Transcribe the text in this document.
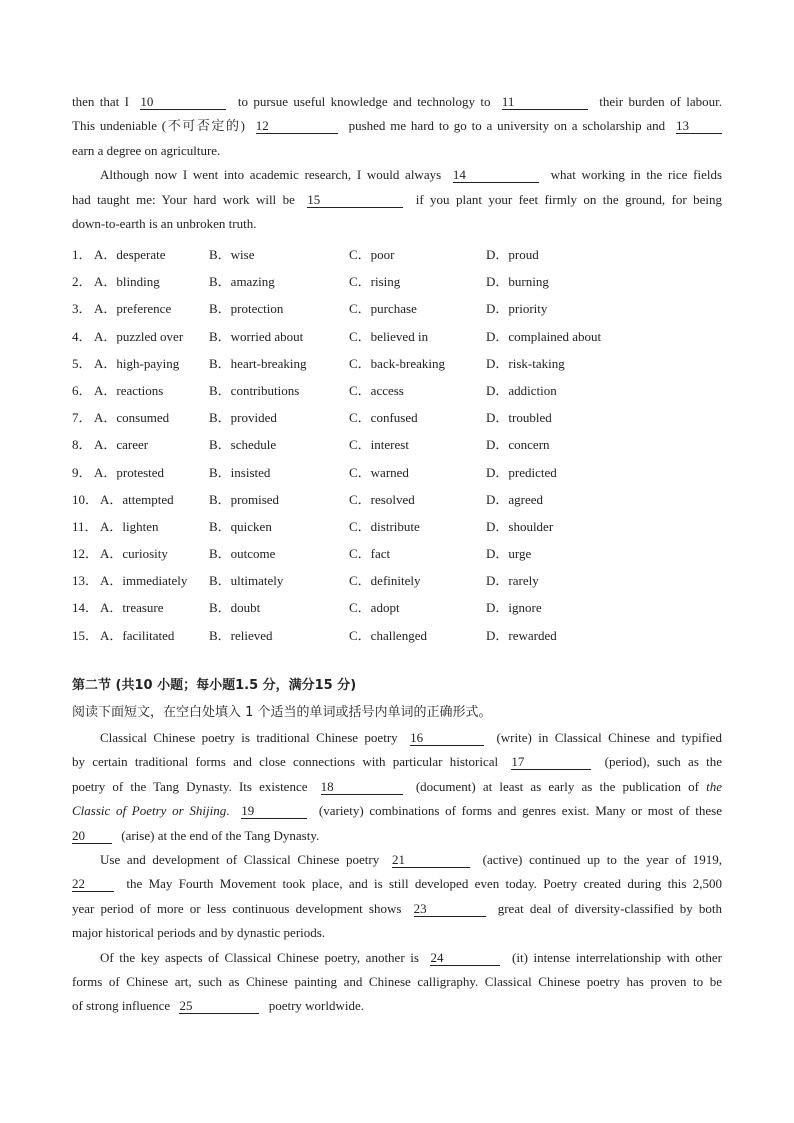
then that I 10	to pursue useful knowledge and technology to 11	their burden of labour.
This undeniable (不可否定的) 12	pushed me hard to go to a university on a scholarship and 13
earn a degree on agriculture.
Although now I went into academic research, I would always 14	what working in the rice fields
had taught me: Your hard work will be 15	if you plant your feet firmly on the ground, for being
down-to-earth is an unbroken truth.
1． A．desperate	B．wise	C．poor	D．proud
2． A．blinding	B．amazing	C．rising	D．burning
3． A．preference	B．protection	C．purchase	D．priority
4． A．puzzled over B．worried about	C．believed in	D．complained about
5． A．high-paying B．heart-breaking	C．back-breaking	D．risk-taking
6． A．reactions	B．contributions	C．access	D．addiction
7． A．consumed	B．provided	C．confused	D．troubled
8． A．career	B．schedule	C．interest	D．concern
9． A．protested	B．insisted	C．warned	D．predicted
10． A．attempted	B．promised	C．resolved	D．agreed
11． A．lighten	B．quicken	C．distribute	D．shoulder
12． A．curiosity	B．outcome	C．fact	D．urge
13． A．immediately B．ultimately	C．definitely	D．rarely
14． A．treasure	B．doubt	C．adopt	D．ignore
15． A．facilitated	B．relieved	C．challenged	D．rewarded
第二节 (共10 小题；每小题1.5 分，满分15 分)
阅读下面短文，在空白处填入 1 个适当的单词或括号内单词的正确形式。
Classical Chinese poetry is traditional Chinese poetry 16	(write) in Classical Chinese and typified
by certain traditional forms and close connections with particular historical 17	(period), such as the
poetry of the Tang Dynasty. Its existence 18	(document) at least as early as the publication of the
Classic of Poetry or Shijing. 19	(variety) combinations of forms and genres exist. Many or most of these
20	(arise) at the end of the Tang Dynasty.
Use and development of Classical Chinese poetry 21	(active) continued up to the year of 1919,
22	the May Fourth Movement took place, and is still developed even today. Poetry created during this 2,500
year period of more or less continuous development shows 23	great deal of diversity-classified by both
major historical periods and by dynastic periods.
Of the key aspects of Classical Chinese poetry, another is 24	(it) intense interrelationship with other
forms of Chinese art, such as Chinese painting and Chinese calligraphy. Classical Chinese poetry has proven to be
of strong influence 25	poetry worldwide.
